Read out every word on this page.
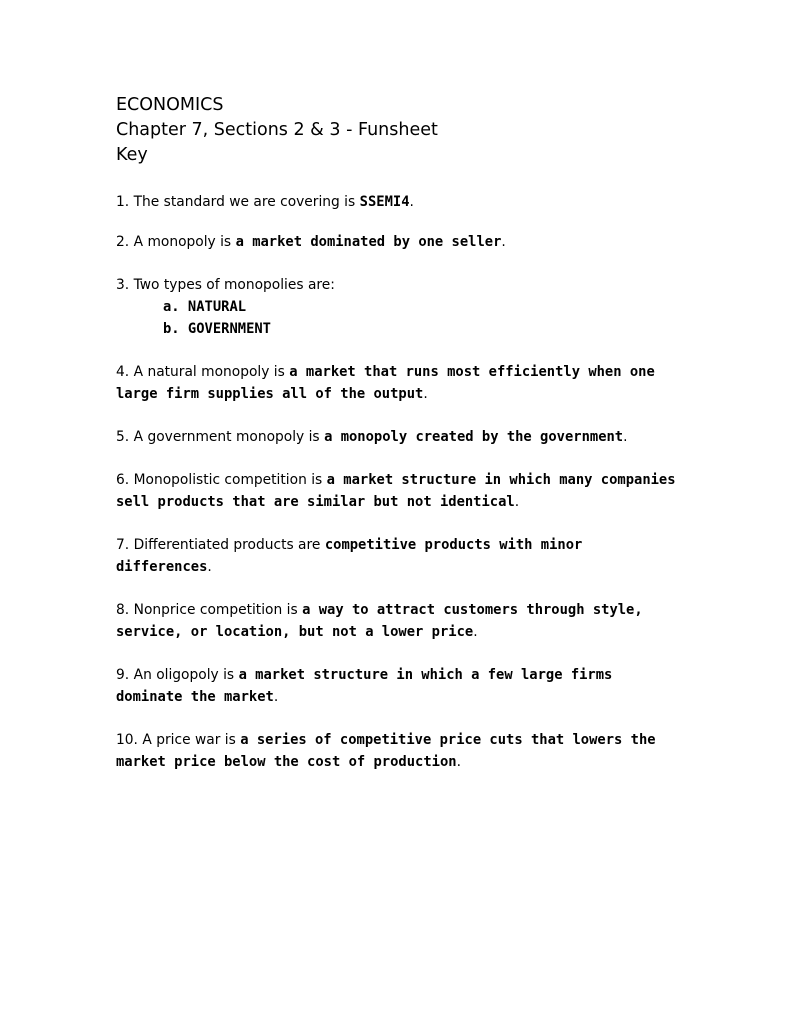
ECONOMICS
Chapter 7, Sections 2 & 3 - Funsheet
Key

1. The standard we are covering is SSEMI4.

2. A monopoly is a market dominated by one seller.

3. Two types of monopolies are:

a. NATURAL
b. GOVERNMENT

4. A natural monopoly is a market that runs most efficiently when one large firm supplies all of the output.

5. A government monopoly is a monopoly created by the government.

6. Monopolistic competition is a market structure in which many companies sell products that are similar but not identical.

7. Differentiated products are competitive products with minor differences.

8. Nonprice competition is a way to attract customers through style, service, or location, but not a lower price.

9. An oligopoly is a market structure in which a few large firms dominate the market.

10. A price war is a series of competitive price cuts that lowers the market price below the cost of production.
